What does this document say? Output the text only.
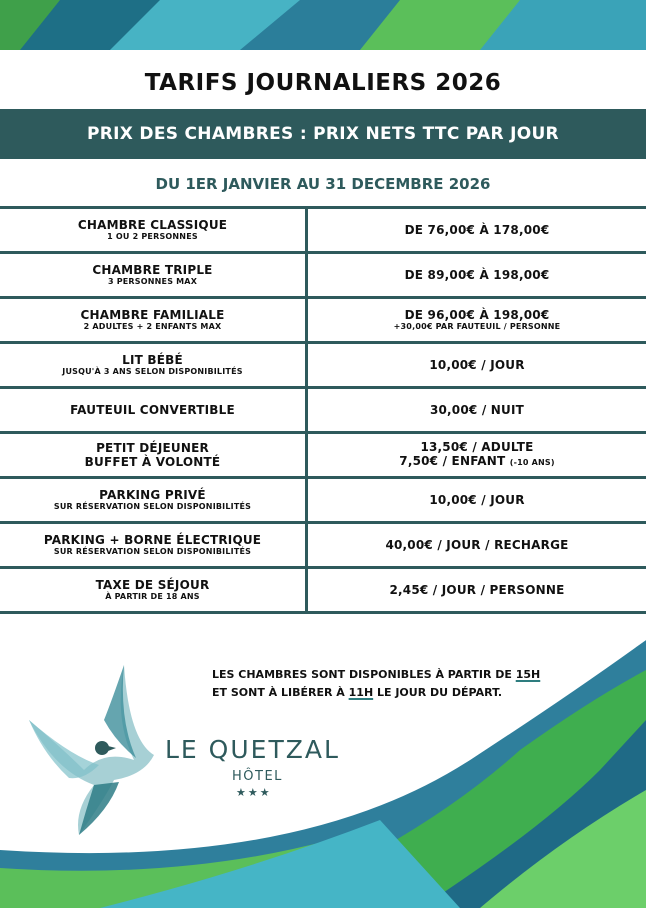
TARIFS JOURNALIERS 2026
PRIX DES CHAMBRES : PRIX NETS TTC PAR JOUR
DU 1ER JANVIER AU 31 DECEMBRE 2026
CHAMBRE CLASSIQUE
1 OU 2 PERSONNES	DE 76,00€ À 178,00€

CHAMBRE TRIPLE
3 PERSONNES MAX	DE 89,00€ À 198,00€

CHAMBRE FAMILIALE
2 ADULTES + 2 ENFANTS MAX	DE 96,00€ À 198,00€
+30,00€ PAR FAUTEUIL / PERSONNE

LIT BÉBÉ
JUSQU'À 3 ANS SELON DISPONIBILITÉS	10,00€ / JOUR

FAUTEUIL CONVERTIBLE	30,00€ / NUIT

PETIT DÉJEUNER
BUFFET À VOLONTÉ	13,50€ / ADULTE
7,50€ / ENFANT (-10 ANS)

PARKING PRIVÉ
SUR RÉSERVATION SELON DISPONIBILITÉS	10,00€ / JOUR

PARKING + BORNE ÉLECTRIQUE
SUR RÉSERVATION SELON DISPONIBILITÉS	40,00€ / JOUR / RECHARGE

TAXE DE SÉJOUR
À PARTIR DE 18 ANS	2,45€ / JOUR / PERSONNE
LES CHAMBRES SONT DISPONIBLES À PARTIR DE 15H
ET SONT À LIBÉRER À 11H LE JOUR DU DÉPART.
LE QUETZAL
HÔTEL
★★★
